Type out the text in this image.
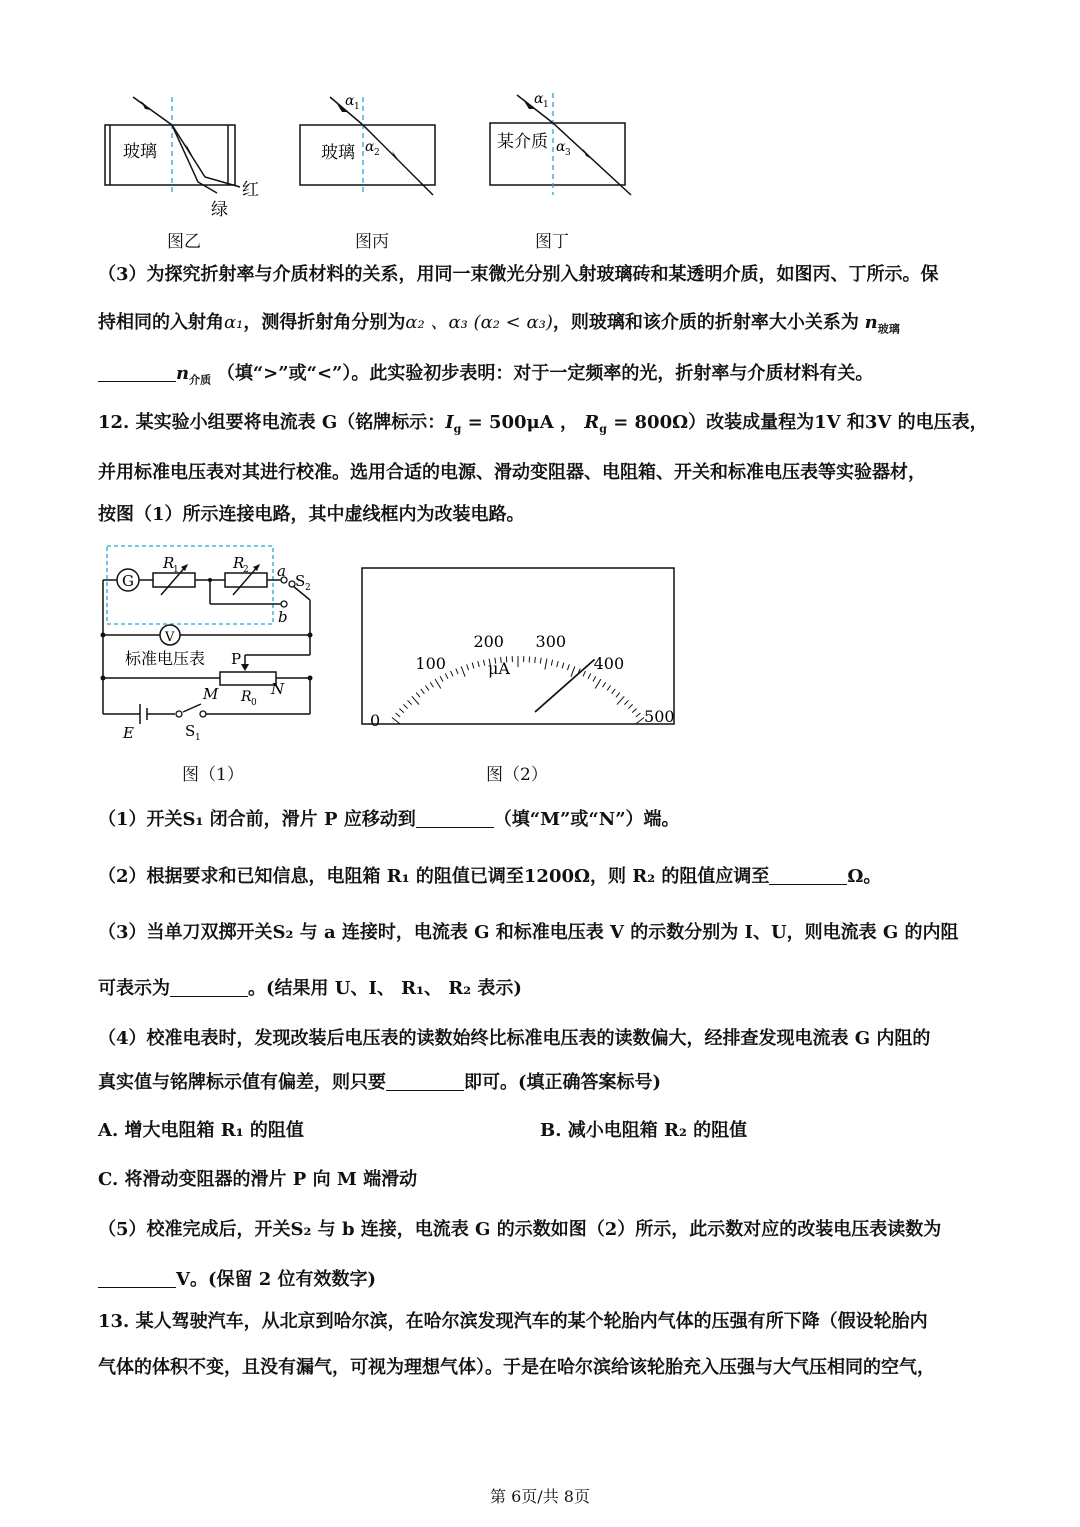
玻璃
红
绿
玻璃
α 1
α 2
某介质
α 1
α 3
图乙	图丙	图丁
（3）为探究折射率与介质材料的关系，用同一束微光分别入射玻璃砖和某透明介质，如图丙、丁所示。保
持相同的入射角α₁，测得折射角分别为α₂ 、α₃ (α₂ < α₃)，则玻璃和该介质的折射率大小关系为 $n_{玻璃}$
$n_{介质}$ （填“>”或“<”）。此实验初步表明：对于一定频率的光，折射率与介质材料有关。
12. 某实验小组要将电流表 G（铭牌标示：$I_g = 500\mu A$ ， $R_g = 800\Omega$）改装成量程为1V 和3V 的电压表，
并用标准电压表对其进行校准。选用合适的电源、滑动变阻器、电阻箱、开关和标准电压表等实验器材，
按图（1）所示连接电路，其中虚线框内为改装电路。
G
V
R
1	R
2 a
S 2
b
标准电压表 P
M	N
R 0
E	S 1
图（1）
μA
0
100
200 300
400
500
图（2）
（1）开关S₁ 闭合前，滑片 P 应移动到	（填“M”或“N”）端。
（2）根据要求和已知信息，电阻箱 R₁ 的阻值已调至1200Ω，则 R₂ 的阻值应调至	Ω。
（3）当单刀双掷开关S₂ 与 a 连接时，电流表 G 和标准电压表 V 的示数分别为 I、U，则电流表 G 的内阻
可表示为	。(结果用 U、I、 R₁、 R₂ 表示)
（4）校准电表时，发现改装后电压表的读数始终比标准电压表的读数偏大，经排查发现电流表 G 内阻的
真实值与铭牌标示值有偏差，则只要	即可。(填正确答案标号)
A. 增大电阻箱 R₁ 的阻值	B. 减小电阻箱 R₂ 的阻值
C. 将滑动变阻器的滑片 P 向 M 端滑动
（5）校准完成后，开关S₂ 与 b 连接，电流表 G 的示数如图（2）所示，此示数对应的改装电压表读数为
V。(保留 2 位有效数字)
13. 某人驾驶汽车，从北京到哈尔滨，在哈尔滨发现汽车的某个轮胎内气体的压强有所下降（假设轮胎内
气体的体积不变，且没有漏气，可视为理想气体）。于是在哈尔滨给该轮胎充入压强与大气压相同的空气，
第 6页/共 8页
